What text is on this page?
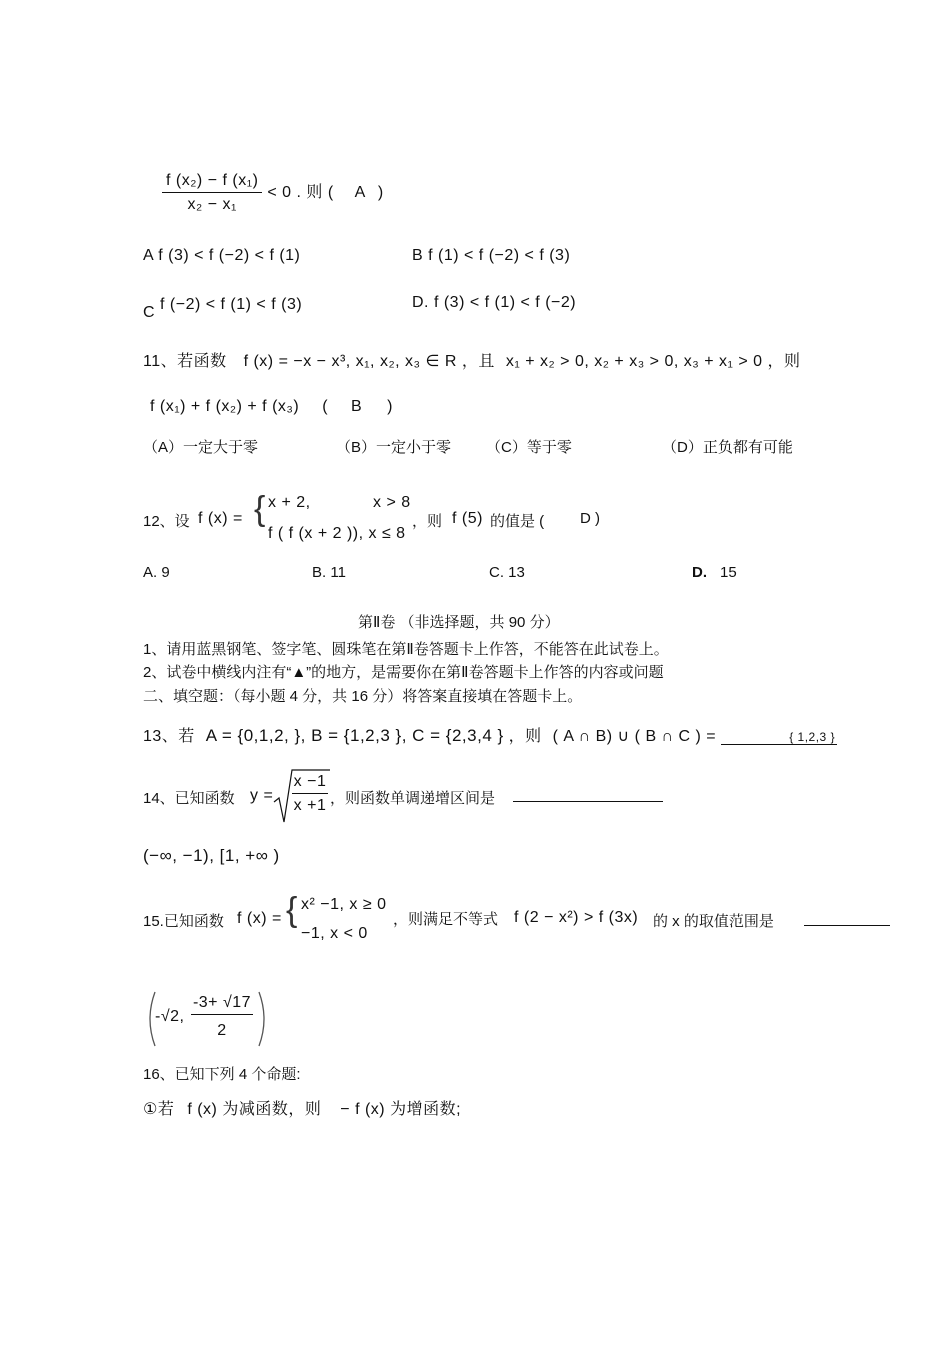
$\frac{\text{f (x₂) − f (x₁)}}{\text{x₂ − x₁}} < 0$ . 则 ( A )
A f (3) < f (−2) < f (1)	B f (1) < f (−2) < f (3)
C f (−2) < f (1) < f (3)	D. f (3) < f (1) < f (−2)
11、若函数 f (x) = −x − x³, x₁, x₂, x₃ ∈ R ，且 x₁ + x₂ > 0, x₂ + x₃ > 0, x₃ + x₁ > 0 ，则
f (x₁) + f (x₂) + f (x₃) ( B )
（A）一定大于零	（B）一定小于零 （C）等于零	（D）正负都有可能
12、设 f (x) = { x + 2,	x > 8
f ( f (x + 2 )), x ≤ 8
，则 f (5) 的值是 ( D )
A. 9	B. 11	C. 13	D. 15
第Ⅱ卷 （非选择题，共 90 分）
1、请用蓝黑钢笔、签字笔、圆珠笔在第Ⅱ卷答题卡上作答，不能答在此试卷上。
2、试卷中横线内注有“▲”的地方，是需要你在第Ⅱ卷答题卡上作答的内容或问题
二、填空题：（每小题 4 分，共 16 分）将答案直接填在答题卡上。
13、若 A = {0,1,2, }, B = {1,2,3 }, C = {2,3,4 } ，则 ( A ∩ B) ∪ ( B ∩ C ) =	{ 1,2,3 }
14、已知函数 $y = \frac{x -1}{x +1}$ ，则函数单调递增区间是
(−∞, −1), [1, +∞ )
15.已知函数 f (x) = { x² −1, x ≥ 0
−1, x < 0
，则满足不等式 f (2 − x²) > f (3x) 的 x 的取值范围是
-√2,
-3+ √17
2
16、已知下列 4 个命题:
①若 f (x) 为减函数，则 − f (x) 为增函数;
